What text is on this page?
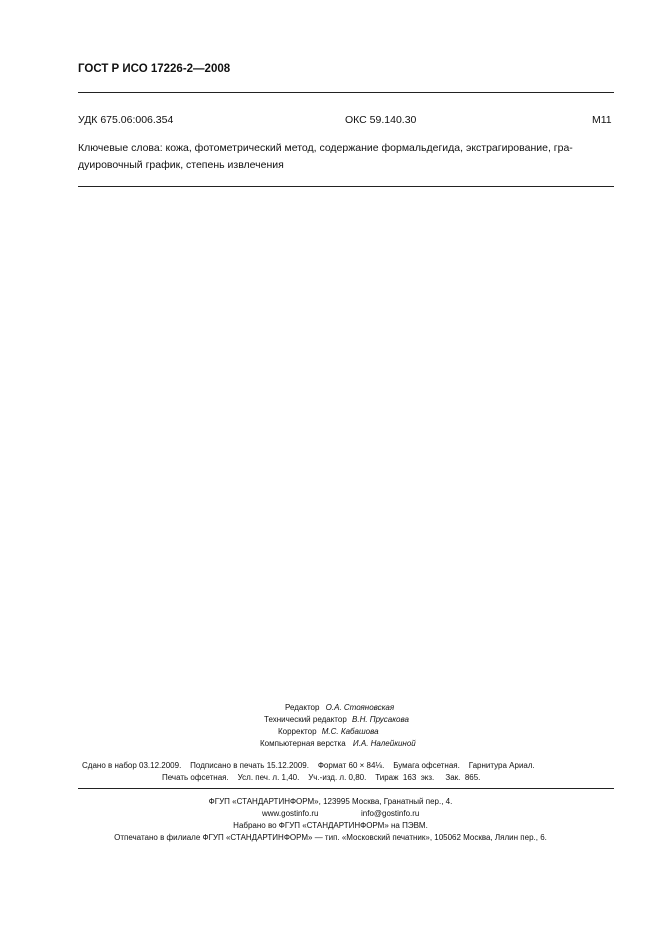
ГОСТ Р ИСО 17226-2—2008
УДК 675.06:006.354	ОКС 59.140.30	М11
Ключевые слова: кожа, фотометрический метод, содержание формальдегида, экстрагирование, гра-
дуировочный график, степень извлечения
Редактор О.А. Стояновская
Технический редактор В.Н. Прусакова
Корректор М.С. Кабашова
Компьютерная верстка И.А. Налейкиной
Сдано в набор 03.12.2009.    Подписано в печать 15.12.2009.    Формат 60 × 84⅛.    Бумага офсетная.    Гарнитура Ариал.
Печать офсетная.    Усл. печ. л. 1,40.    Уч.-изд. л. 0,80.    Тираж  163  экз.     Зак.  865.
ФГУП «СТАНДАРТИНФОРМ», 123995 Москва, Гранатный пер., 4.
www.gostinfo.ru	info@gostinfo.ru
Набрано во ФГУП «СТАНДАРТИНФОРМ» на ПЭВМ.
Отпечатано в филиале ФГУП «СТАНДАРТИНФОРМ» — тип. «Московский печатник», 105062 Москва, Лялин пер., 6.
